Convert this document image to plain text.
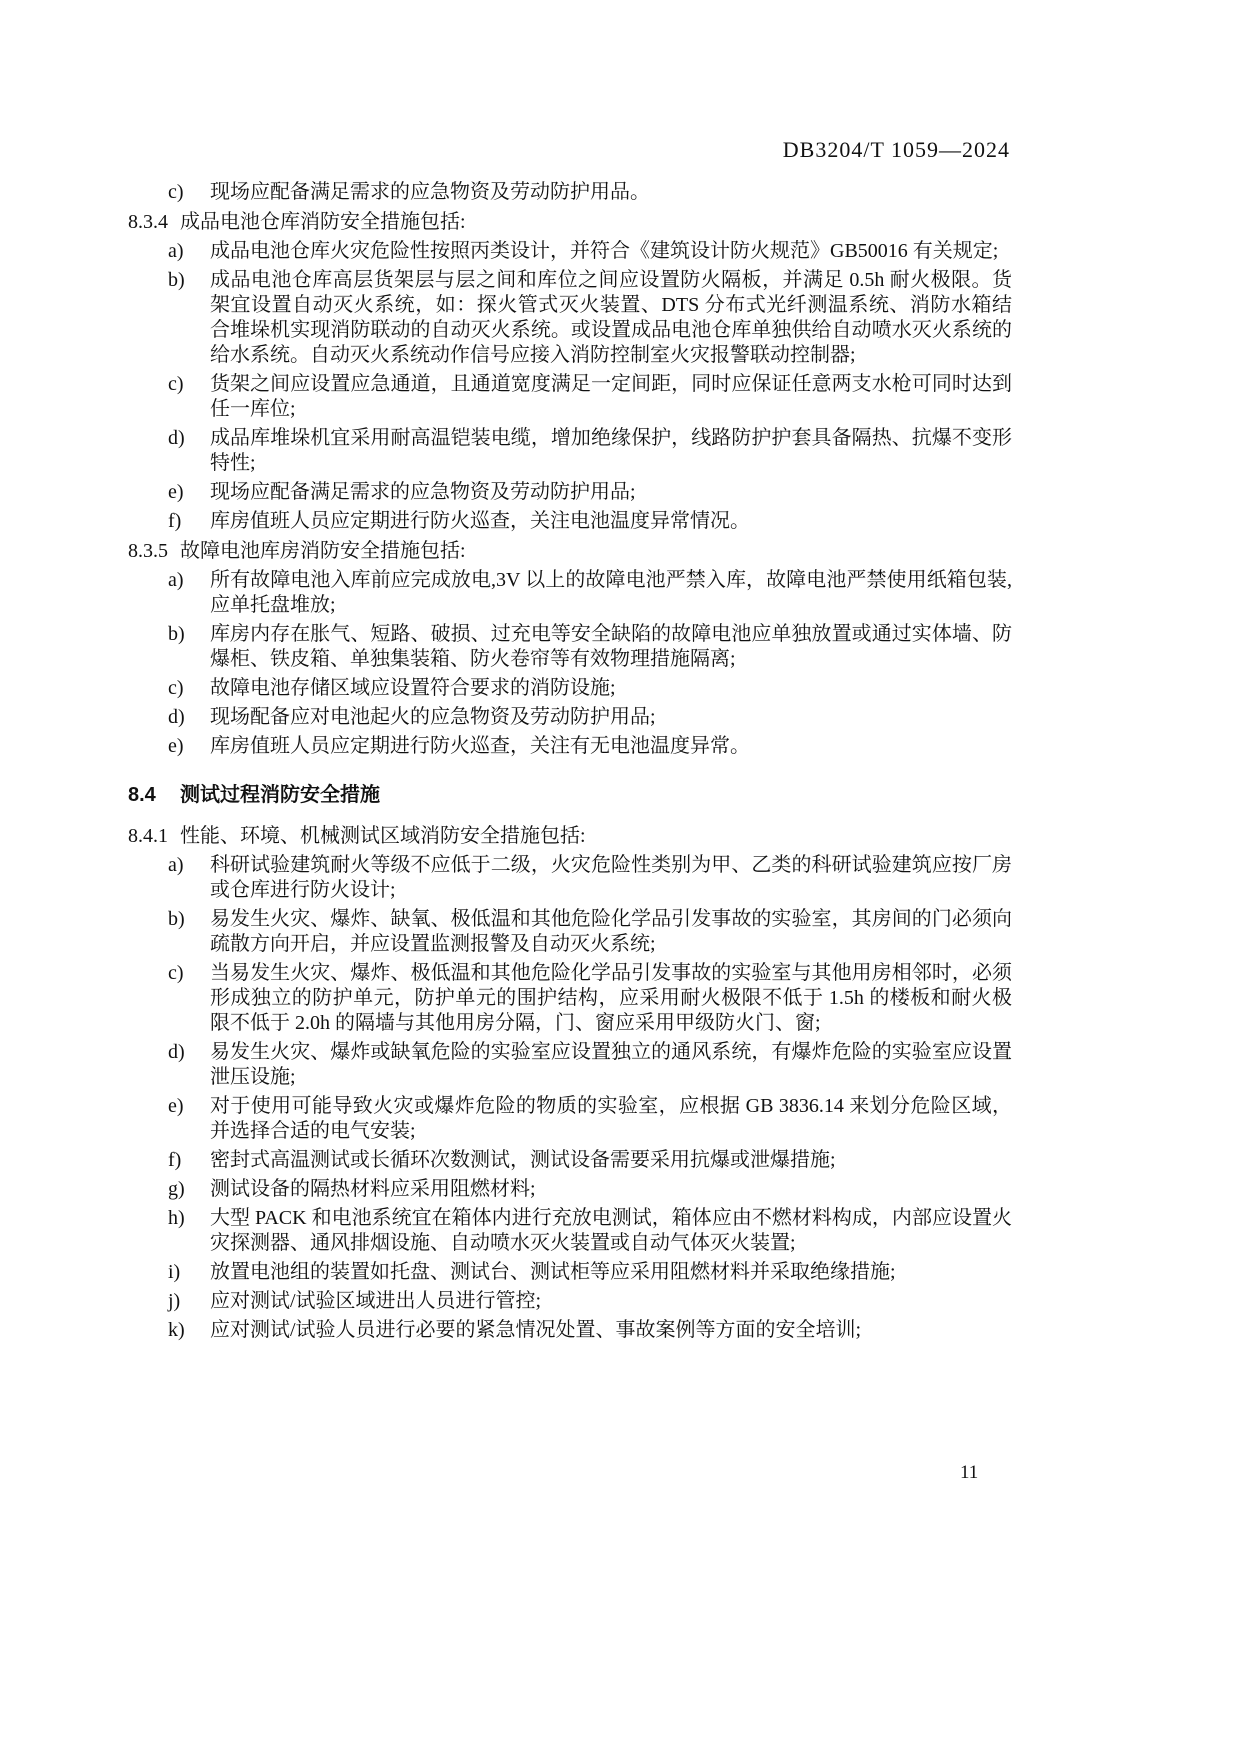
DB3204/T 1059—2024
c)	现场应配备满足需求的应急物资及劳动防护用品。
8.3.4 成品电池仓库消防安全措施包括:
a)	成品电池仓库火灾危险性按照丙类设计，并符合《建筑设计防火规范》GB50016 有关规定;
b)	成品电池仓库高层货架层与层之间和库位之间应设置防火隔板，并满足 0.5h 耐火极限。货架宜设置自动灭火系统，如：探火管式灭火装置、DTS 分布式光纤测温系统、消防水箱结合堆垛机实现消防联动的自动灭火系统。或设置成品电池仓库单独供给自动喷水灭火系统的给水系统。自动灭火系统动作信号应接入消防控制室火灾报警联动控制器;
c)	货架之间应设置应急通道，且通道宽度满足一定间距，同时应保证任意两支水枪可同时达到任一库位;
d)	成品库堆垛机宜采用耐高温铠装电缆，增加绝缘保护，线路防护护套具备隔热、抗爆不变形特性;
e)	现场应配备满足需求的应急物资及劳动防护用品;
f)	库房值班人员应定期进行防火巡查，关注电池温度异常情况。
8.3.5 故障电池库房消防安全措施包括:
a)	所有故障电池入库前应完成放电,3V 以上的故障电池严禁入库，故障电池严禁使用纸箱包装,应单托盘堆放;
b)	库房内存在胀气、短路、破损、过充电等安全缺陷的故障电池应单独放置或通过实体墙、防爆柜、铁皮箱、单独集装箱、防火卷帘等有效物理措施隔离;
c)	故障电池存储区域应设置符合要求的消防设施;
d)	现场配备应对电池起火的应急物资及劳动防护用品;
e)	库房值班人员应定期进行防火巡查，关注有无电池温度异常。
8.4	测试过程消防安全措施
8.4.1 性能、环境、机械测试区域消防安全措施包括:
a)	科研试验建筑耐火等级不应低于二级，火灾危险性类别为甲、乙类的科研试验建筑应按厂房或仓库进行防火设计;
b)	易发生火灾、爆炸、缺氧、极低温和其他危险化学品引发事故的实验室，其房间的门必须向疏散方向开启，并应设置监测报警及自动灭火系统;
c)	当易发生火灾、爆炸、极低温和其他危险化学品引发事故的实验室与其他用房相邻时，必须形成独立的防护单元，防护单元的围护结构，应采用耐火极限不低于 1.5h 的楼板和耐火极限不低于 2.0h 的隔墙与其他用房分隔，门、窗应采用甲级防火门、窗;
d)	易发生火灾、爆炸或缺氧危险的实验室应设置独立的通风系统，有爆炸危险的实验室应设置泄压设施;
e)	对于使用可能导致火灾或爆炸危险的物质的实验室，应根据 GB 3836.14 来划分危险区域，并选择合适的电气安装;
f)	密封式高温测试或长循环次数测试，测试设备需要采用抗爆或泄爆措施;
g)	测试设备的隔热材料应采用阻燃材料;
h)	大型 PACK 和电池系统宜在箱体内进行充放电测试，箱体应由不燃材料构成，内部应设置火灾探测器、通风排烟设施、自动喷水灭火装置或自动气体灭火装置;
i)	放置电池组的装置如托盘、测试台、测试柜等应采用阻燃材料并采取绝缘措施;
j)	应对测试/试验区域进出人员进行管控;
k)	应对测试/试验人员进行必要的紧急情况处置、事故案例等方面的安全培训;
11
